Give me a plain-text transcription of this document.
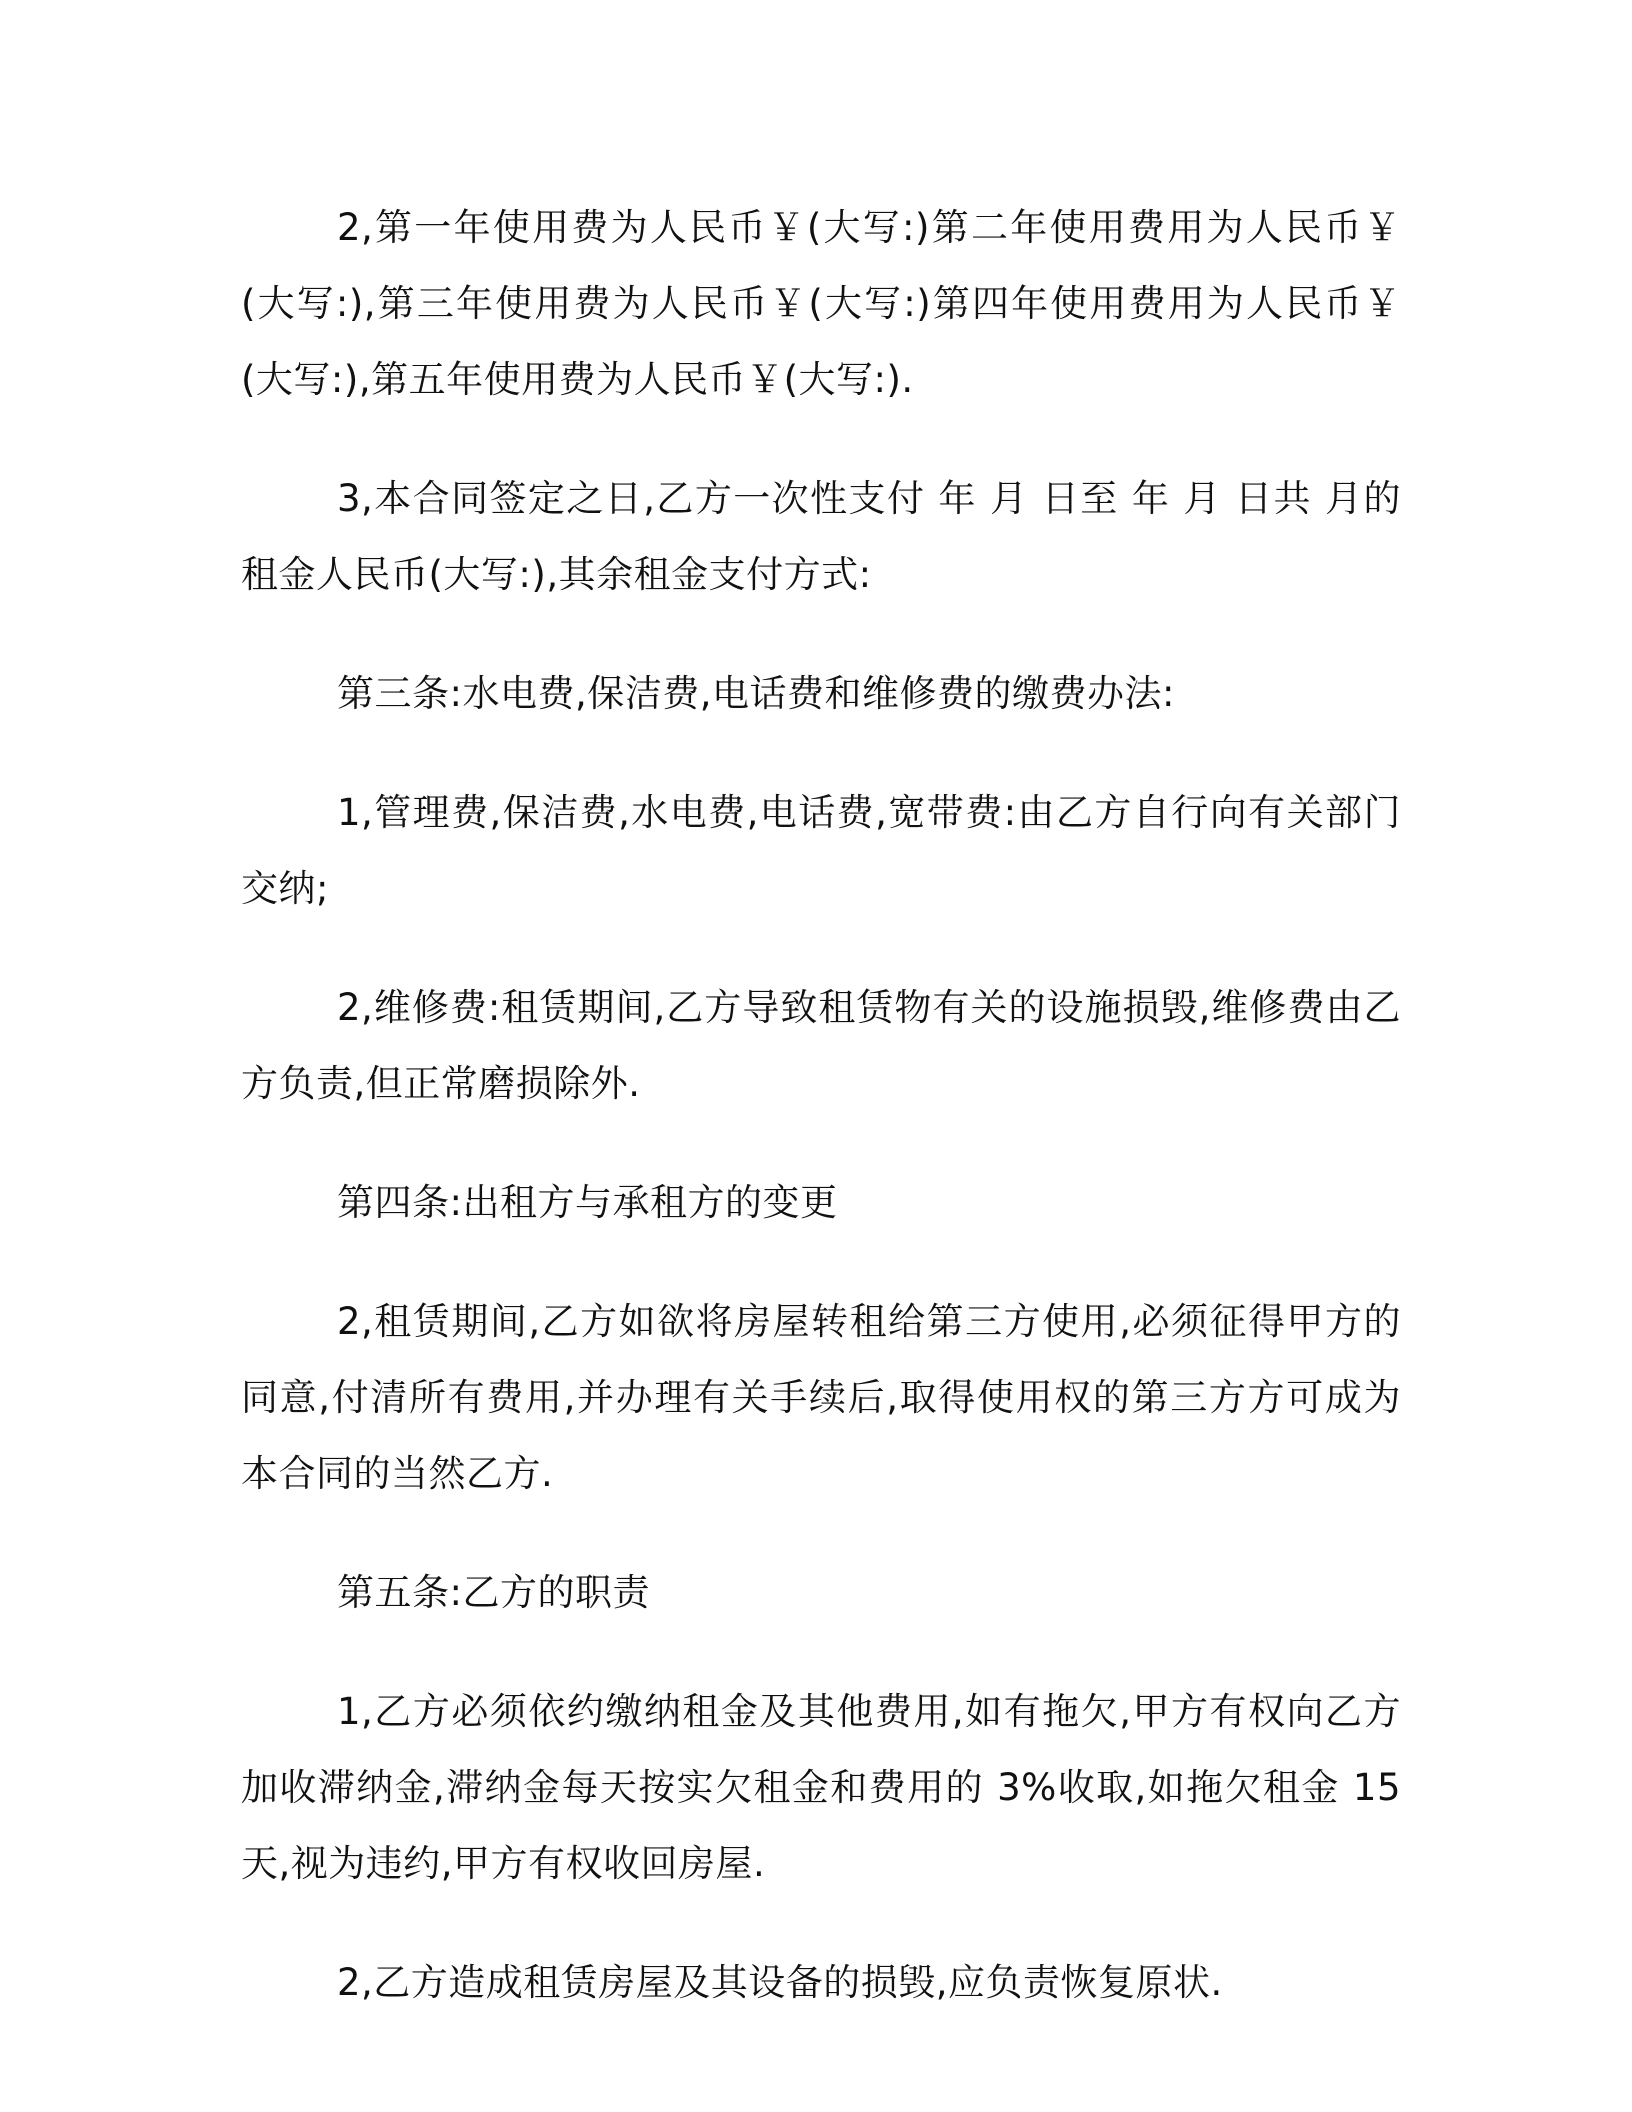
2,第一年使用费为人民币￥(大写:)第二年使用费用为人民币￥(大写:),第三年使用费为人民币￥(大写:)第四年使用费用为人民币￥(大写:),第五年使用费为人民币￥(大写:).

3,本合同签定之日,乙方一次性支付 年 月 日至 年 月 日共 月的租金人民币(大写:),其余租金支付方式:

第三条:水电费,保洁费,电话费和维修费的缴费办法:

1,管理费,保洁费,水电费,电话费,宽带费:由乙方自行向有关部门交纳;

2,维修费:租赁期间,乙方导致租赁物有关的设施损毁,维修费由乙方负责,但正常磨损除外.

第四条:出租方与承租方的变更

2,租赁期间,乙方如欲将房屋转租给第三方使用,必须征得甲方的同意,付清所有费用,并办理有关手续后,取得使用权的第三方方可成为本合同的当然乙方.

第五条:乙方的职责

1,乙方必须依约缴纳租金及其他费用,如有拖欠,甲方有权向乙方加收滞纳金,滞纳金每天按实欠租金和费用的 3%收取,如拖欠租金 15天,视为违约,甲方有权收回房屋.

2,乙方造成租赁房屋及其设备的损毁,应负责恢复原状.
